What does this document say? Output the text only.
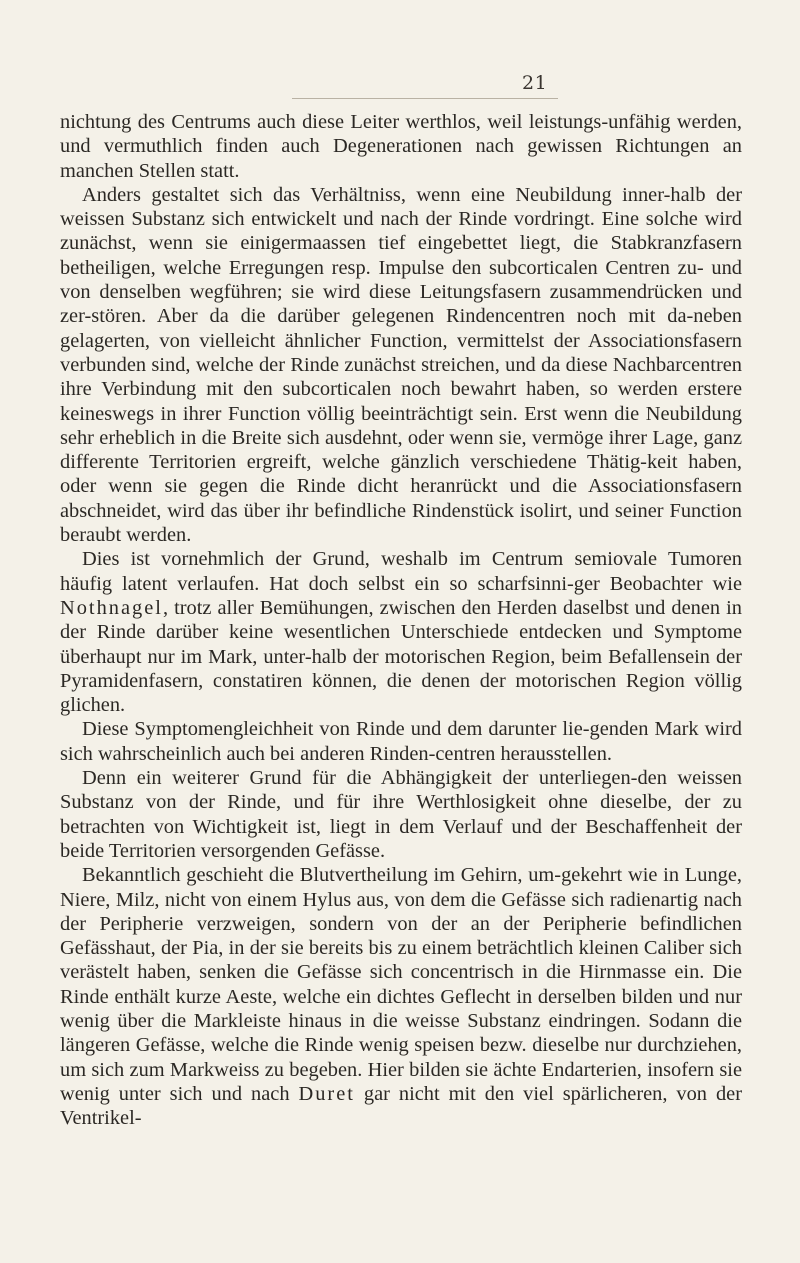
21

nichtung des Centrums auch diese Leiter werthlos, weil leistungs-unfähig werden, und vermuthlich finden auch Degenerationen nach gewissen Richtungen an manchen Stellen statt.

Anders gestaltet sich das Verhältniss, wenn eine Neubildung inner-halb der weissen Substanz sich entwickelt und nach der Rinde vordringt. Eine solche wird zunächst, wenn sie einigermaassen tief eingebettet liegt, die Stabkranzfasern betheiligen, welche Erregungen resp. Impulse den subcorticalen Centren zu- und von denselben wegführen; sie wird diese Leitungsfasern zusammendrücken und zer-stören. Aber da die darüber gelegenen Rindencentren noch mit da-neben gelagerten, von vielleicht ähnlicher Function, vermittelst der Associationsfasern verbunden sind, welche der Rinde zunächst streichen, und da diese Nachbarcentren ihre Verbindung mit den subcorticalen noch bewahrt haben, so werden erstere keineswegs in ihrer Function völlig beeinträchtigt sein. Erst wenn die Neubildung sehr erheblich in die Breite sich ausdehnt, oder wenn sie, vermöge ihrer Lage, ganz differente Territorien ergreift, welche gänzlich verschiedene Thätig-keit haben, oder wenn sie gegen die Rinde dicht heranrückt und die Associationsfasern abschneidet, wird das über ihr befindliche Rindenstück isolirt, und seiner Function beraubt werden.

Dies ist vornehmlich der Grund, weshalb im Centrum semiovale Tumoren häufig latent verlaufen. Hat doch selbst ein so scharfsinni-ger Beobachter wie Nothnagel, trotz aller Bemühungen, zwischen den Herden daselbst und denen in der Rinde darüber keine wesentlichen Unterschiede entdecken und Symptome überhaupt nur im Mark, unter-halb der motorischen Region, beim Befallensein der Pyramidenfasern, constatiren können, die denen der motorischen Region völlig glichen.

Diese Symptomengleichheit von Rinde und dem darunter lie-genden Mark wird sich wahrscheinlich auch bei anderen Rinden-centren herausstellen.

Denn ein weiterer Grund für die Abhängigkeit der unterliegen-den weissen Substanz von der Rinde, und für ihre Werthlosigkeit ohne dieselbe, der zu betrachten von Wichtigkeit ist, liegt in dem Verlauf und der Beschaffenheit der beide Territorien versorgenden Gefässe.

Bekanntlich geschieht die Blutvertheilung im Gehirn, um-gekehrt wie in Lunge, Niere, Milz, nicht von einem Hylus aus, von dem die Gefässe sich radienartig nach der Peripherie verzweigen, sondern von der an der Peripherie befindlichen Gefässhaut, der Pia, in der sie bereits bis zu einem beträchtlich kleinen Caliber sich verästelt haben, senken die Gefässe sich concentrisch in die Hirnmasse ein. Die Rinde enthält kurze Aeste, welche ein dichtes Geflecht in derselben bilden und nur wenig über die Markleiste hinaus in die weisse Substanz eindringen. Sodann die längeren Gefässe, welche die Rinde wenig speisen bezw. dieselbe nur durchziehen, um sich zum Markweiss zu begeben. Hier bilden sie ächte Endarterien, insofern sie wenig unter sich und nach Duret gar nicht mit den viel spärlicheren, von der Ventrikel-
